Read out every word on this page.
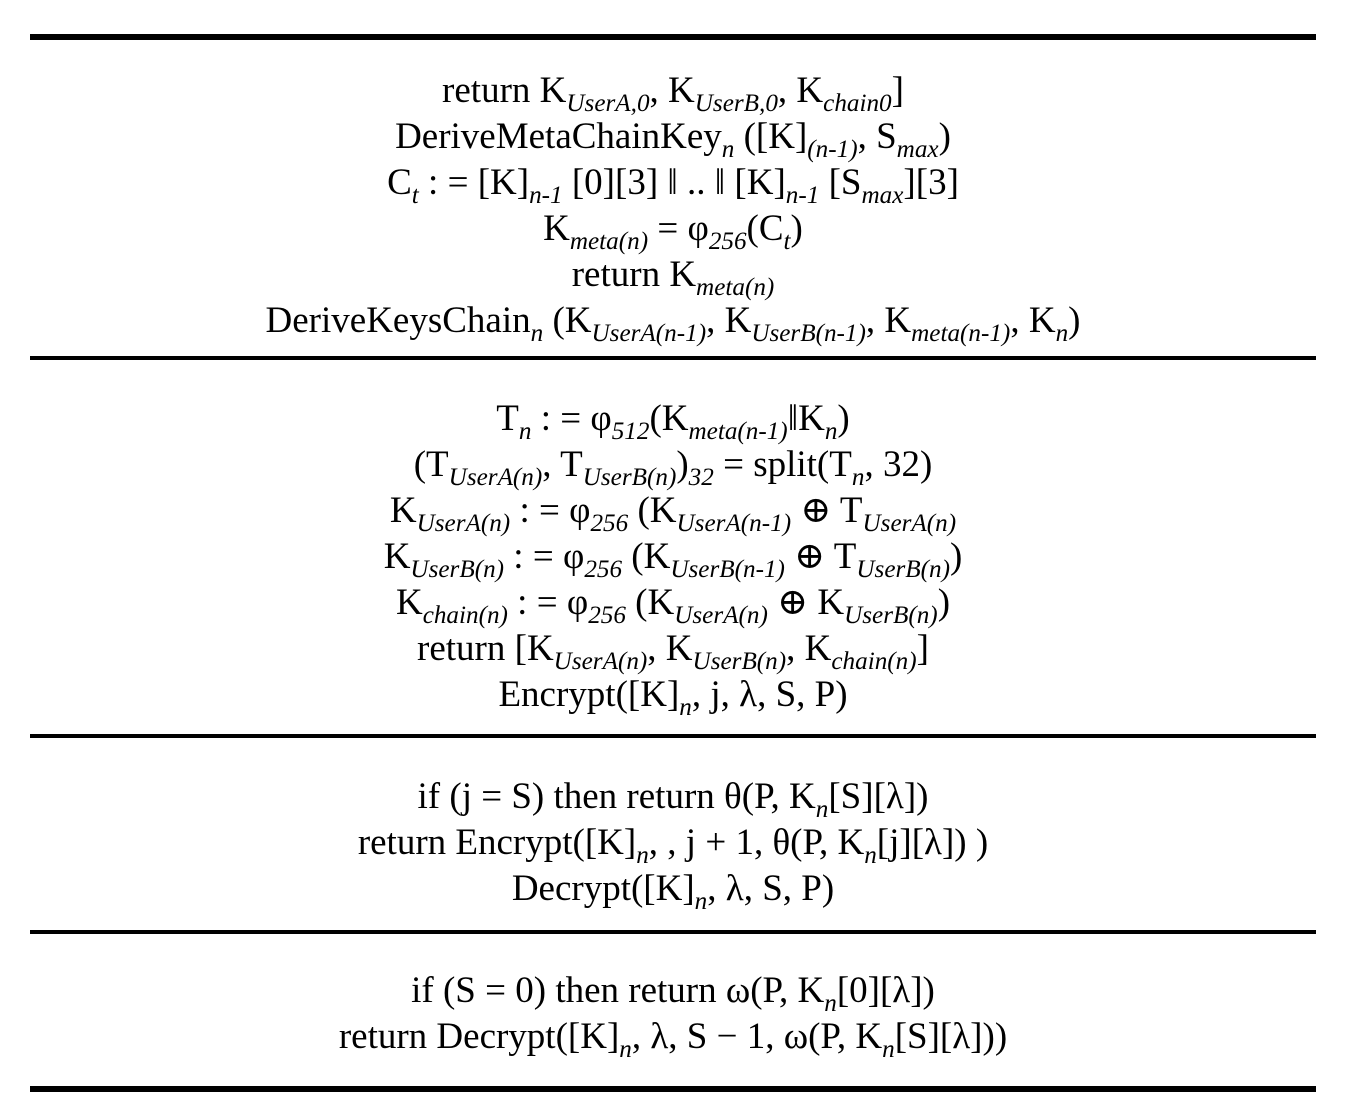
return $K_{UserA,0}$, $K_{UserB,0}$, $K_{chain0}$]
DeriveMetaChainKey$_n$ ($[K]_{(n-1)}$, $S_{max}$)
$C_t$ : = $[K]_{n-1}$ [0][3] ‖ .. ‖ $[K]_{n-1}$ $[S_{max}][3]$
$K_{meta(n)} = \varphi_{256}(C_t)$
return $K_{meta(n)}$
DeriveKeysChain$_n$ ($K_{UserA(n-1)}$, $K_{UserB(n-1)}$, $K_{meta(n-1)}$, $K_n$)
$T_n$ : = $\varphi_{512}(K_{meta(n-1)}‖K_n)$
($T_{UserA(n)}$, $T_{UserB(n)})_{32}$ = $split(T_n$, 32)
$K_{UserA(n)}$ : = $\varphi_{256}$ ($K_{UserA(n-1)}$ ⊕ $T_{UserA(n)}$
$K_{UserB(n)}$ : = $\varphi_{256}$ ($K_{UserB(n-1)}$ ⊕ $T_{UserB(n)}$)
$K_{chain(n)}$ : = $\varphi_{256}$ ($K_{UserA(n)}$ ⊕ $K_{UserB(n)}$)
return [$K_{UserA(n)}$, $K_{UserB(n)}$, $K_{chain(n)}$]
$Encrypt([K]_n$, j, λ, S, P)
if (j = S) then return θ(P, $K_n[S][\lambda]$)
return $Encrypt([K]_n$, , j + 1, θ(P, $K_n[j][\lambda]$) )
$Decrypt([K]_n$, λ, S, P)
if (S = 0) then return ω(P, $K_n[0][\lambda]$)
return $Decrypt([K]_n$, λ, S − 1, ω(P, $K_n[S][\lambda]$))
